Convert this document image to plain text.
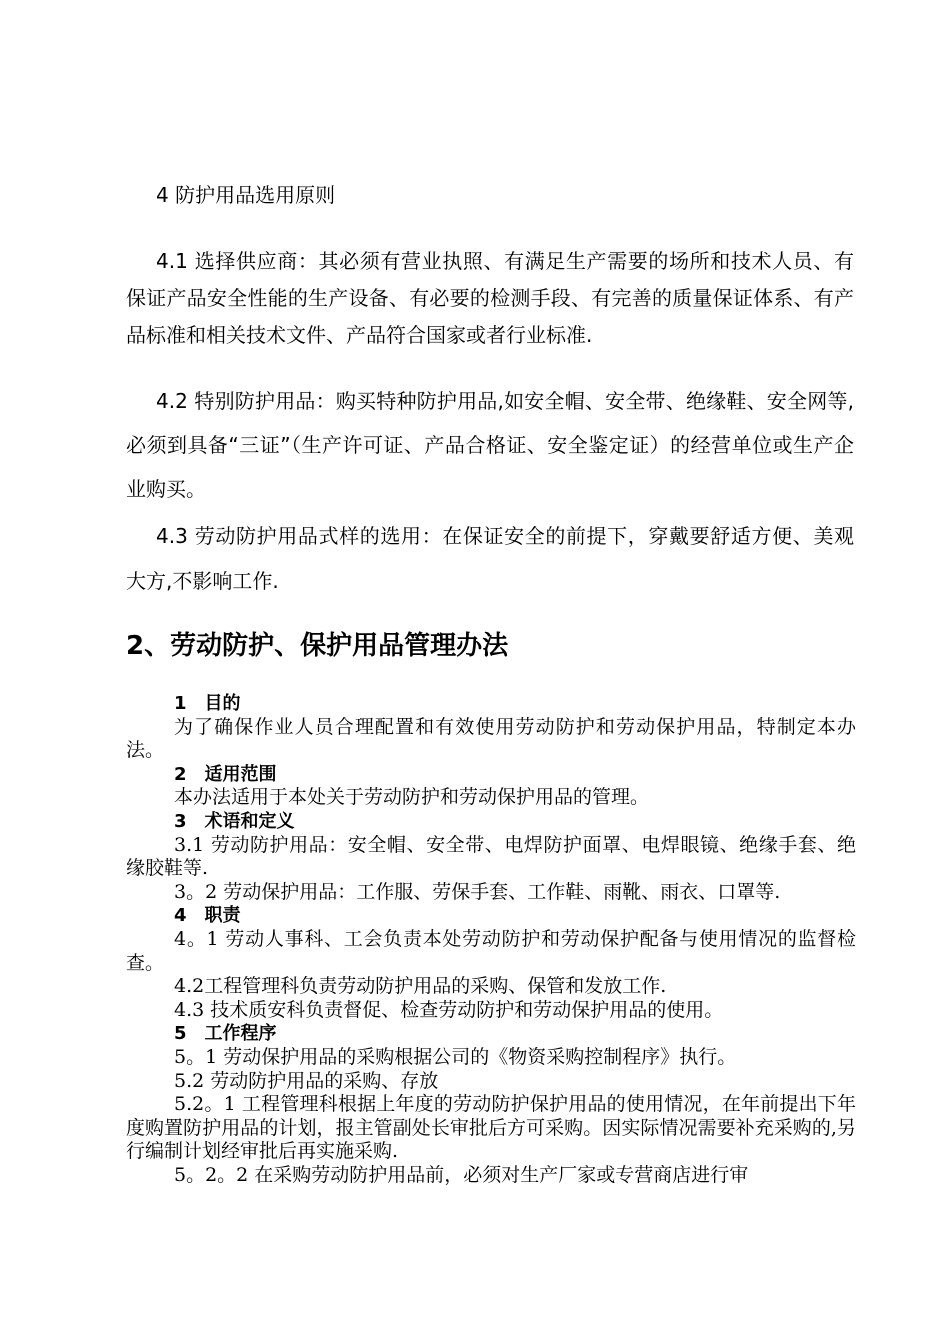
4 防护用品选用原则

4.1 选择供应商：其必须有营业执照、有满足生产需要的场所和技术人员、有保证产品安全性能的生产设备、有必要的检测手段、有完善的质量保证体系、有产品标准和相关技术文件、产品符合国家或者行业标准.

4.2 特别防护用品：购买特种防护用品,如安全帽、安全带、绝缘鞋、安全网等,必须到具备“三证”（生产许可证、产品合格证、安全鉴定证）的经营单位或生产企业购买。

4.3 劳动防护用品式样的选用：在保证安全的前提下，穿戴要舒适方便、美观大方,不影响工作.

2、劳动防护、保护用品管理办法

1　目的

为了确保作业人员合理配置和有效使用劳动防护和劳动保护用品，特制定本办法。

2　适用范围

本办法适用于本处关于劳动防护和劳动保护用品的管理。

3　术语和定义

3.1 劳动防护用品：安全帽、安全带、电焊防护面罩、电焊眼镜、绝缘手套、绝缘胶鞋等.

3。2 劳动保护用品：工作服、劳保手套、工作鞋、雨靴、雨衣、口罩等.

4　职责

4。1 劳动人事科、工会负责本处劳动防护和劳动保护配备与使用情况的监督检查。

4.2工程管理科负责劳动防护用品的采购、保管和发放工作.

4.3 技术质安科负责督促、检查劳动防护和劳动保护用品的使用。

5　工作程序

5。1 劳动保护用品的采购根据公司的《物资采购控制程序》执行。

5.2 劳动防护用品的采购、存放

5.2。1 工程管理科根据上年度的劳动防护保护用品的使用情况，在年前提出下年度购置防护用品的计划，报主管副处长审批后方可采购。因实际情况需要补充采购的,另行编制计划经审批后再实施采购.

5。2。2 在采购劳动防护用品前，必须对生产厂家或专营商店进行审
